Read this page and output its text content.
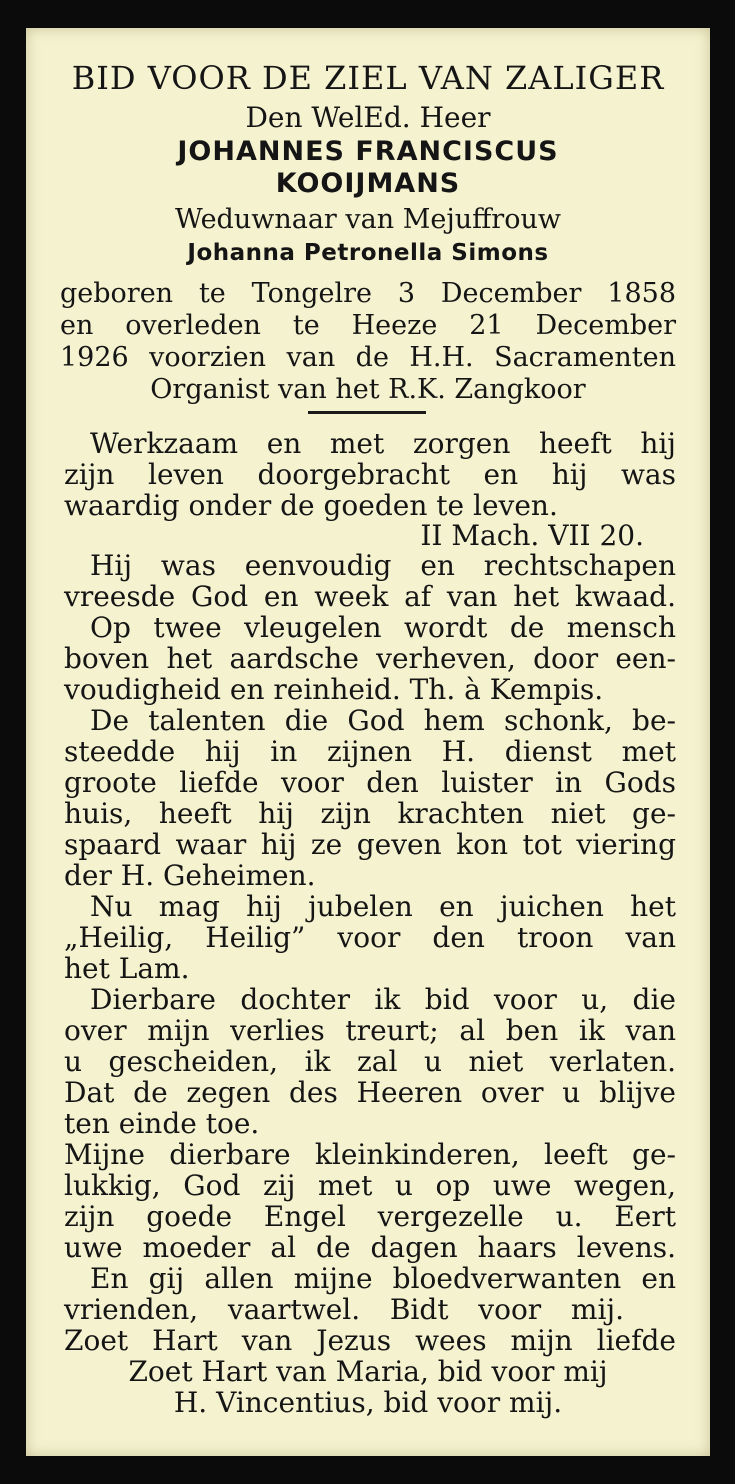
BID VOOR DE ZIEL VAN ZALIGER
Den WelEd. Heer
JOHANNES FRANCISCUS
KOOIJMANS
Weduwnaar van Mejuffrouw
Johanna Petronella Simons
geboren te Tongelre 3 December 1858
en overleden te Heeze 21 December
1926 voorzien van de H.H. Sacramenten
Organist van het R.K. Zangkoor
Werkzaam en met zorgen heeft hij
zijn leven doorgebracht en hij was
waardig onder de goeden te leven.
II Mach. VII 20.
Hij was eenvoudig en rechtschapen
vreesde God en week af van het kwaad.
Op twee vleugelen wordt de mensch
boven het aardsche verheven, door een-
voudigheid en reinheid. Th. à Kempis.
De talenten die God hem schonk, be-
steedde hij in zijnen H. dienst met
groote liefde voor den luister in Gods
huis, heeft hij zijn krachten niet ge-
spaard waar hij ze geven kon tot viering
der H. Geheimen.
Nu mag hij jubelen en juichen het
„Heilig, Heilig” voor den troon van
het Lam.
Dierbare dochter ik bid voor u, die
over mijn verlies treurt; al ben ik van
u gescheiden, ik zal u niet verlaten.
Dat de zegen des Heeren over u blijve
ten einde toe.
Mijne dierbare kleinkinderen, leeft ge-
lukkig, God zij met u op uwe wegen,
zijn goede Engel vergezelle u. Eert
uwe moeder al de dagen haars levens.
En gij allen mijne bloedverwanten en
vrienden, vaartwel. Bidt voor mij.
Zoet Hart van Jezus wees mijn liefde
Zoet Hart van Maria, bid voor mij
H. Vincentius, bid voor mij.
